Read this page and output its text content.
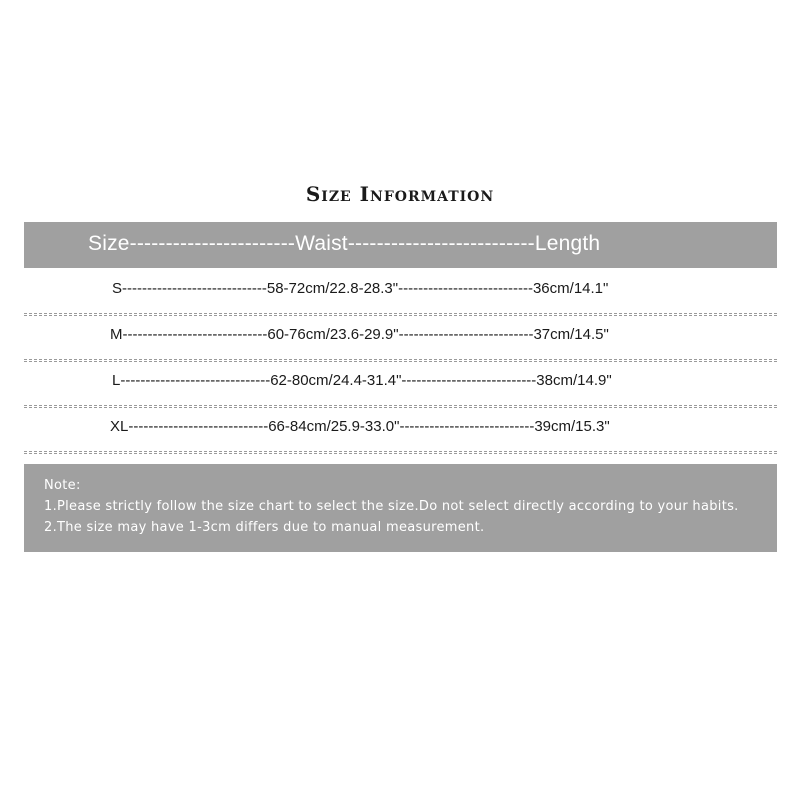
Size Information
Size-----------------------Waist--------------------------Length
S-----------------------------58-72cm/22.8-28.3"---------------------------36cm/14.1"
M-----------------------------60-76cm/23.6-29.9"---------------------------37cm/14.5"
L------------------------------62-80cm/24.4-31.4"---------------------------38cm/14.9"
XL----------------------------66-84cm/25.9-33.0"---------------------------39cm/15.3"
Note:
1.Please strictly follow the size chart to select the size.Do not select directly according to your habits.
2.The size may have 1-3cm differs due to manual measurement.
